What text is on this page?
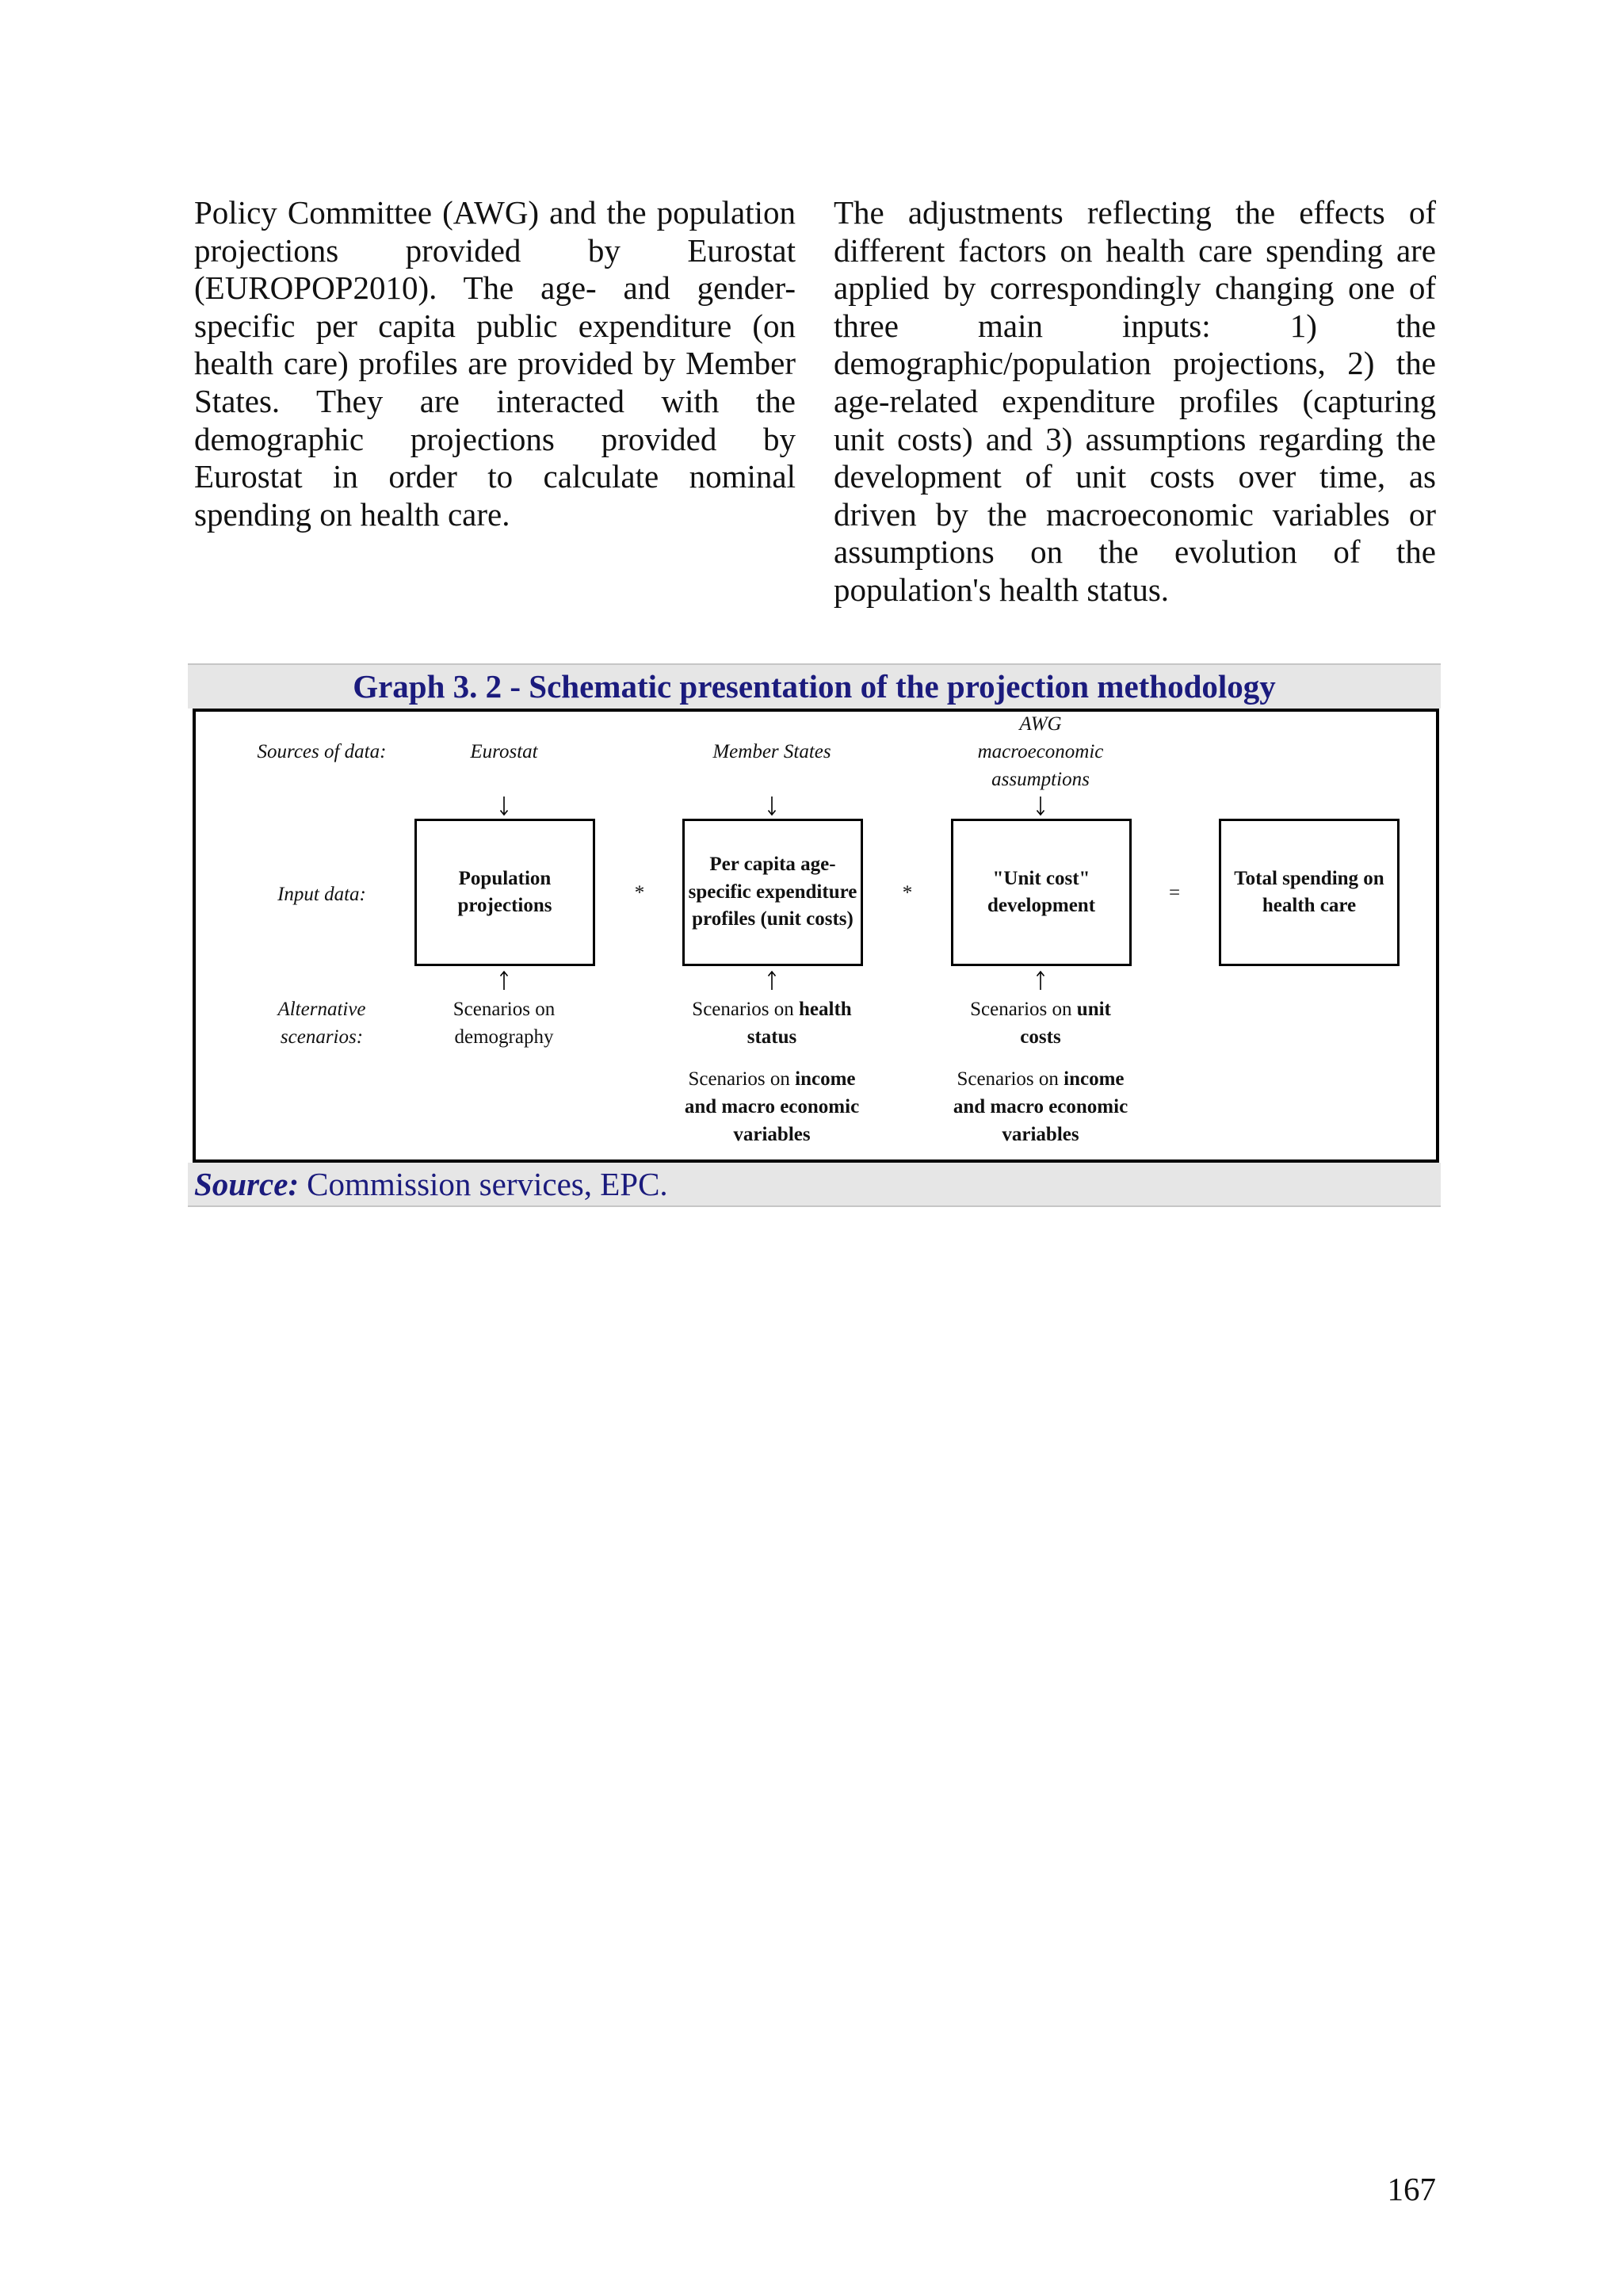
Policy Committee (AWG) and the population
projections provided by Eurostat
(EUROPOP2010). The age- and gender-
specific per capita public expenditure (on
health care) profiles are provided by Member
States. They are interacted with the
demographic projections provided by
Eurostat in order to calculate nominal
spending on health care.
The adjustments reflecting the effects of
different factors on health care spending are
applied by correspondingly changing one of
three main inputs: 1) the
demographic/population projections, 2) the
age-related expenditure profiles (capturing
unit costs) and 3) assumptions regarding the
development of unit costs over time, as
driven by the macroeconomic variables or
assumptions on the evolution of the
population's health status.
Graph 3. 2 - Schematic presentation of the projection methodology
Sources of data:
Input data:
Alternative
scenarios:
Eurostat	Member States
AWG
macroeconomic
assumptions
Population
projections
Per capita age-
specific expenditure
profiles (unit costs)
"Unit cost"
development
Total spending on
health care
*	*	=
Scenarios on
demography
Scenarios on health
status
Scenarios on unit
costs
Scenarios on income
and macro economic
variables
Scenarios on income
and macro economic
variables
Source: Commission services, EPC.
167
